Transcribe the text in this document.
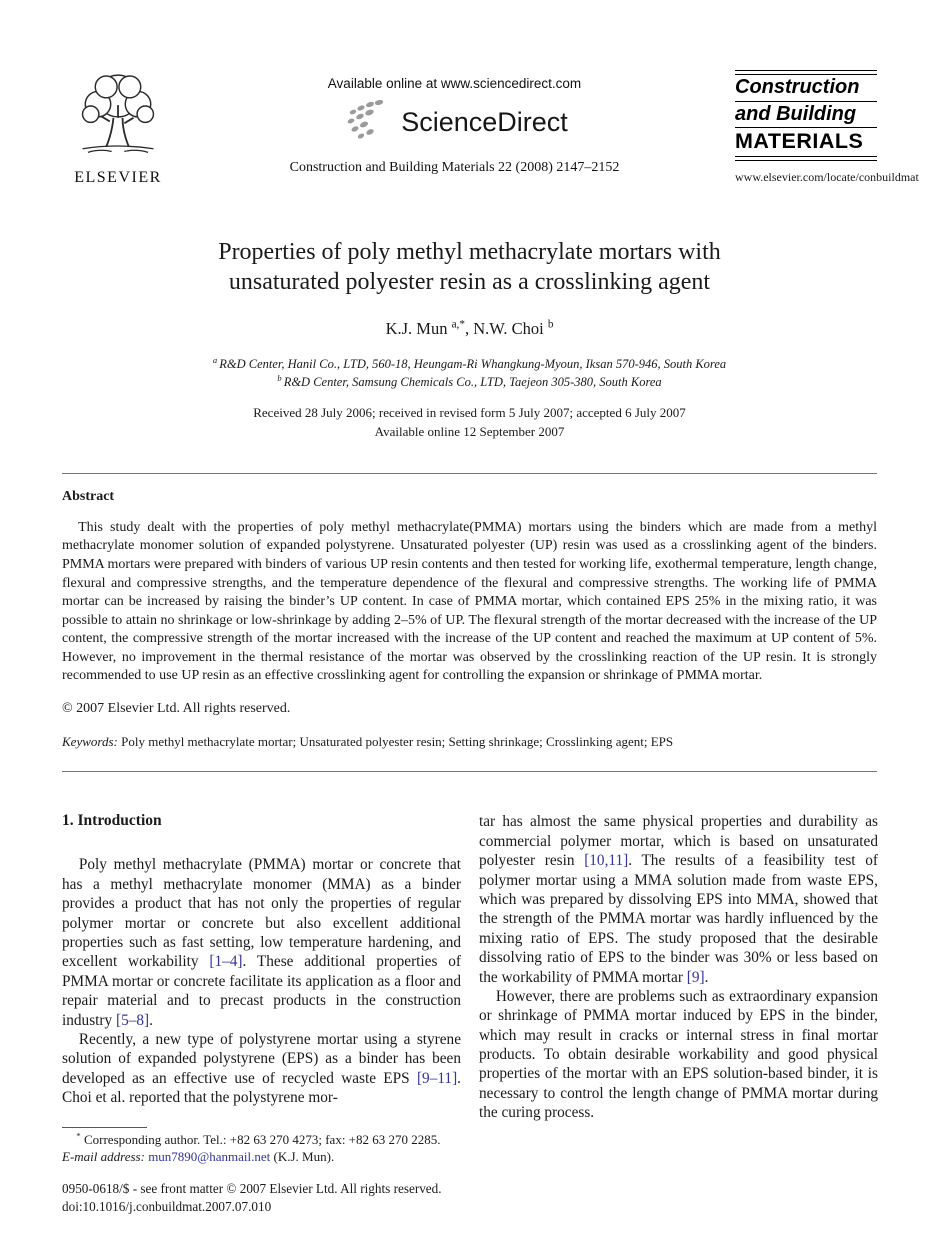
ELSEVIER
Available online at www.sciencedirect.com
ScienceDirect
Construction and Building Materials 22 (2008) 2147–2152
Construction
and Building
MATERIALS
www.elsevier.com/locate/conbuildmat
Properties of poly methyl methacrylate mortars with
unsaturated polyester resin as a crosslinking agent
K.J. Mun $^{a,*}$, N.W. Choi $^b$
$^a$ R&D Center, Hanil Co., LTD, 560-18, Heungam-Ri Whangkung-Myoun, Iksan 570-946, South Korea
$^b$ R&D Center, Samsung Chemicals Co., LTD, Taejeon 305-380, South Korea
Received 28 July 2006; received in revised form 5 July 2007; accepted 6 July 2007
Available online 12 September 2007
Abstract

This study dealt with the properties of poly methyl methacrylate(PMMA) mortars using the binders which are made from a methyl methacrylate monomer solution of expanded polystyrene. Unsaturated polyester (UP) resin was used as a crosslinking agent of the binders. PMMA mortars were prepared with binders of various UP resin contents and then tested for working life, exothermal temperature, length change, flexural and compressive strengths, and the temperature dependence of the flexural and compressive strengths. The working life of PMMA mortar can be increased by raising the binder’s UP content. In case of PMMA mortar, which contained EPS 25% in the mixing ratio, it was possible to attain no shrinkage or low-shrinkage by adding 2–5% of UP. The flexural strength of the mortar decreased with the increase of the UP content, the compressive strength of the mortar increased with the increase of the UP content and reached the maximum at UP content of 5%. However, no improvement in the thermal resistance of the mortar was observed by the crosslinking reaction of the UP resin. It is strongly recommended to use UP resin as an effective crosslinking agent for controlling the expansion or shrinkage of PMMA mortar.

© 2007 Elsevier Ltd. All rights reserved.

Keywords: Poly methyl methacrylate mortar; Unsaturated polyester resin; Setting shrinkage; Crosslinking agent; EPS
1. Introduction

Poly methyl methacrylate (PMMA) mortar or concrete that has a methyl methacrylate monomer (MMA) as a binder provides a product that has not only the properties of regular polymer mortar or concrete but also excellent additional properties such as fast setting, low temperature hardening, and excellent workability [1–4]. These additional properties of PMMA mortar or concrete facilitate its application as a floor and repair material and to precast products in the construction industry [5–8].

Recently, a new type of polystyrene mortar using a styrene solution of expanded polystyrene (EPS) as a binder has been developed as an effective use of recycled waste EPS [9–11]. Choi et al. reported that the polystyrene mor-

* Corresponding author. Tel.: +82 63 270 4273; fax: +82 63 270 2285.
E-mail address: mun7890@hanmail.net (K.J. Mun).
0950-0618/$ - see front matter © 2007 Elsevier Ltd. All rights reserved.
doi:10.1016/j.conbuildmat.2007.07.010

tar has almost the same physical properties and durability as commercial polymer mortar, which is based on unsaturated polyester resin [10,11]. The results of a feasibility test of polymer mortar using a MMA solution made from waste EPS, which was prepared by dissolving EPS into MMA, showed that the strength of the PMMA mortar was hardly influenced by the mixing ratio of EPS. The study proposed that the desirable dissolving ratio of EPS to the binder was 30% or less based on the workability of PMMA mortar [9].

However, there are problems such as extraordinary expansion or shrinkage of PMMA mortar induced by EPS in the binder, which may result in cracks or internal stress in final mortar products. To obtain desirable workability and good physical properties of the mortar with an EPS solution-based binder, it is necessary to control the length change of PMMA mortar during the curing process.
